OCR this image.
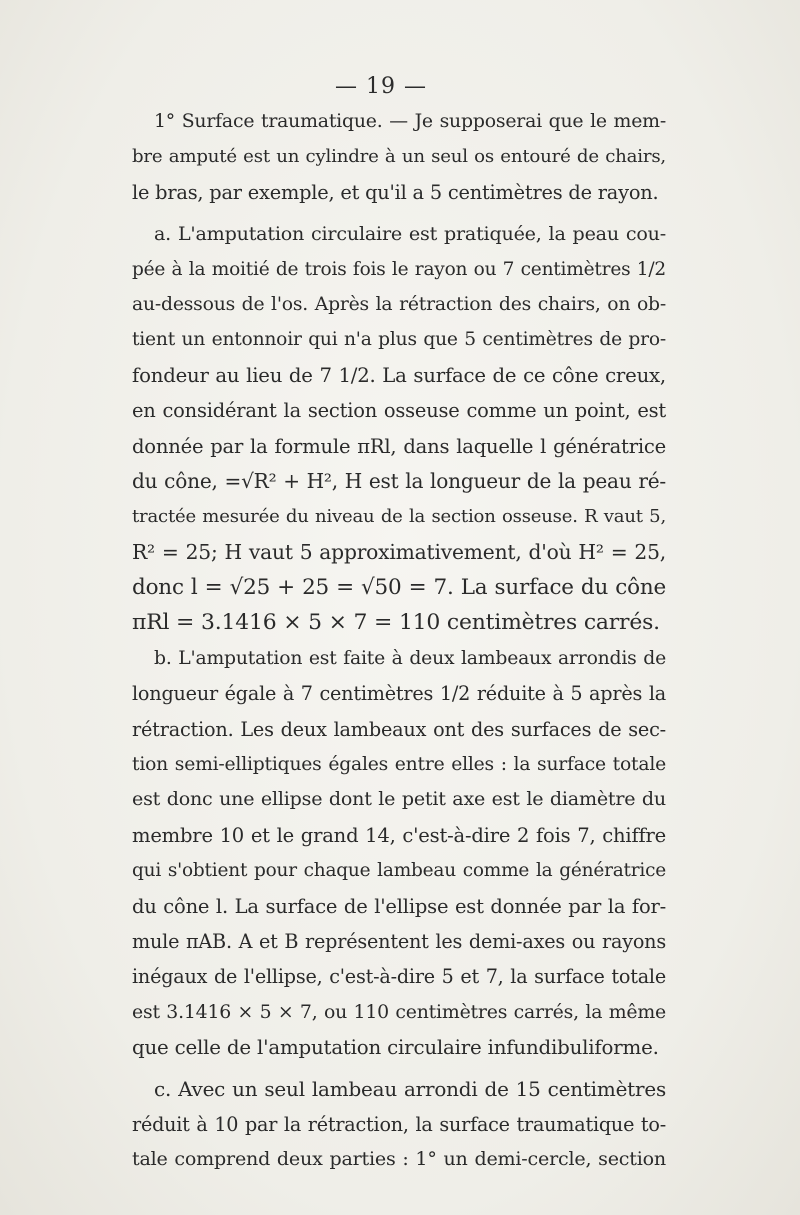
— 19 —
1° Surface traumatique. — Je supposerai que le mem-
bre amputé est un cylindre à un seul os entouré de chairs,
le bras, par exemple, et qu'il a 5 centimètres de rayon.
a. L'amputation circulaire est pratiquée, la peau cou-
pée à la moitié de trois fois le rayon ou 7 centimètres 1/2
au-dessous de l'os. Après la rétraction des chairs, on ob-
tient un entonnoir qui n'a plus que 5 centimètres de pro-
fondeur au lieu de 7 1/2. La surface de ce cône creux,
en considérant la section osseuse comme un point, est
donnée par la formule πRl, dans laquelle l génératrice
du cône, =√R² + H², H est la longueur de la peau ré-
tractée mesurée du niveau de la section osseuse. R vaut 5,
R² = 25; H vaut 5 approximativement, d'où H² = 25,
donc l = √25 + 25 = √50 = 7. La surface du cône
πRl = 3.1416 × 5 × 7 = 110 centimètres carrés.
b. L'amputation est faite à deux lambeaux arrondis de
longueur égale à 7 centimètres 1/2 réduite à 5 après la
rétraction. Les deux lambeaux ont des surfaces de sec-
tion semi-elliptiques égales entre elles : la surface totale
est donc une ellipse dont le petit axe est le diamètre du
membre 10 et le grand 14, c'est-à-dire 2 fois 7, chiffre
qui s'obtient pour chaque lambeau comme la génératrice
du cône l. La surface de l'ellipse est donnée par la for-
mule πAB. A et B représentent les demi-axes ou rayons
inégaux de l'ellipse, c'est-à-dire 5 et 7, la surface totale
est 3.1416 × 5 × 7, ou 110 centimètres carrés, la même
que celle de l'amputation circulaire infundibuliforme.
c. Avec un seul lambeau arrondi de 15 centimètres
réduit à 10 par la rétraction, la surface traumatique to-
tale comprend deux parties : 1° un demi-cercle, section
